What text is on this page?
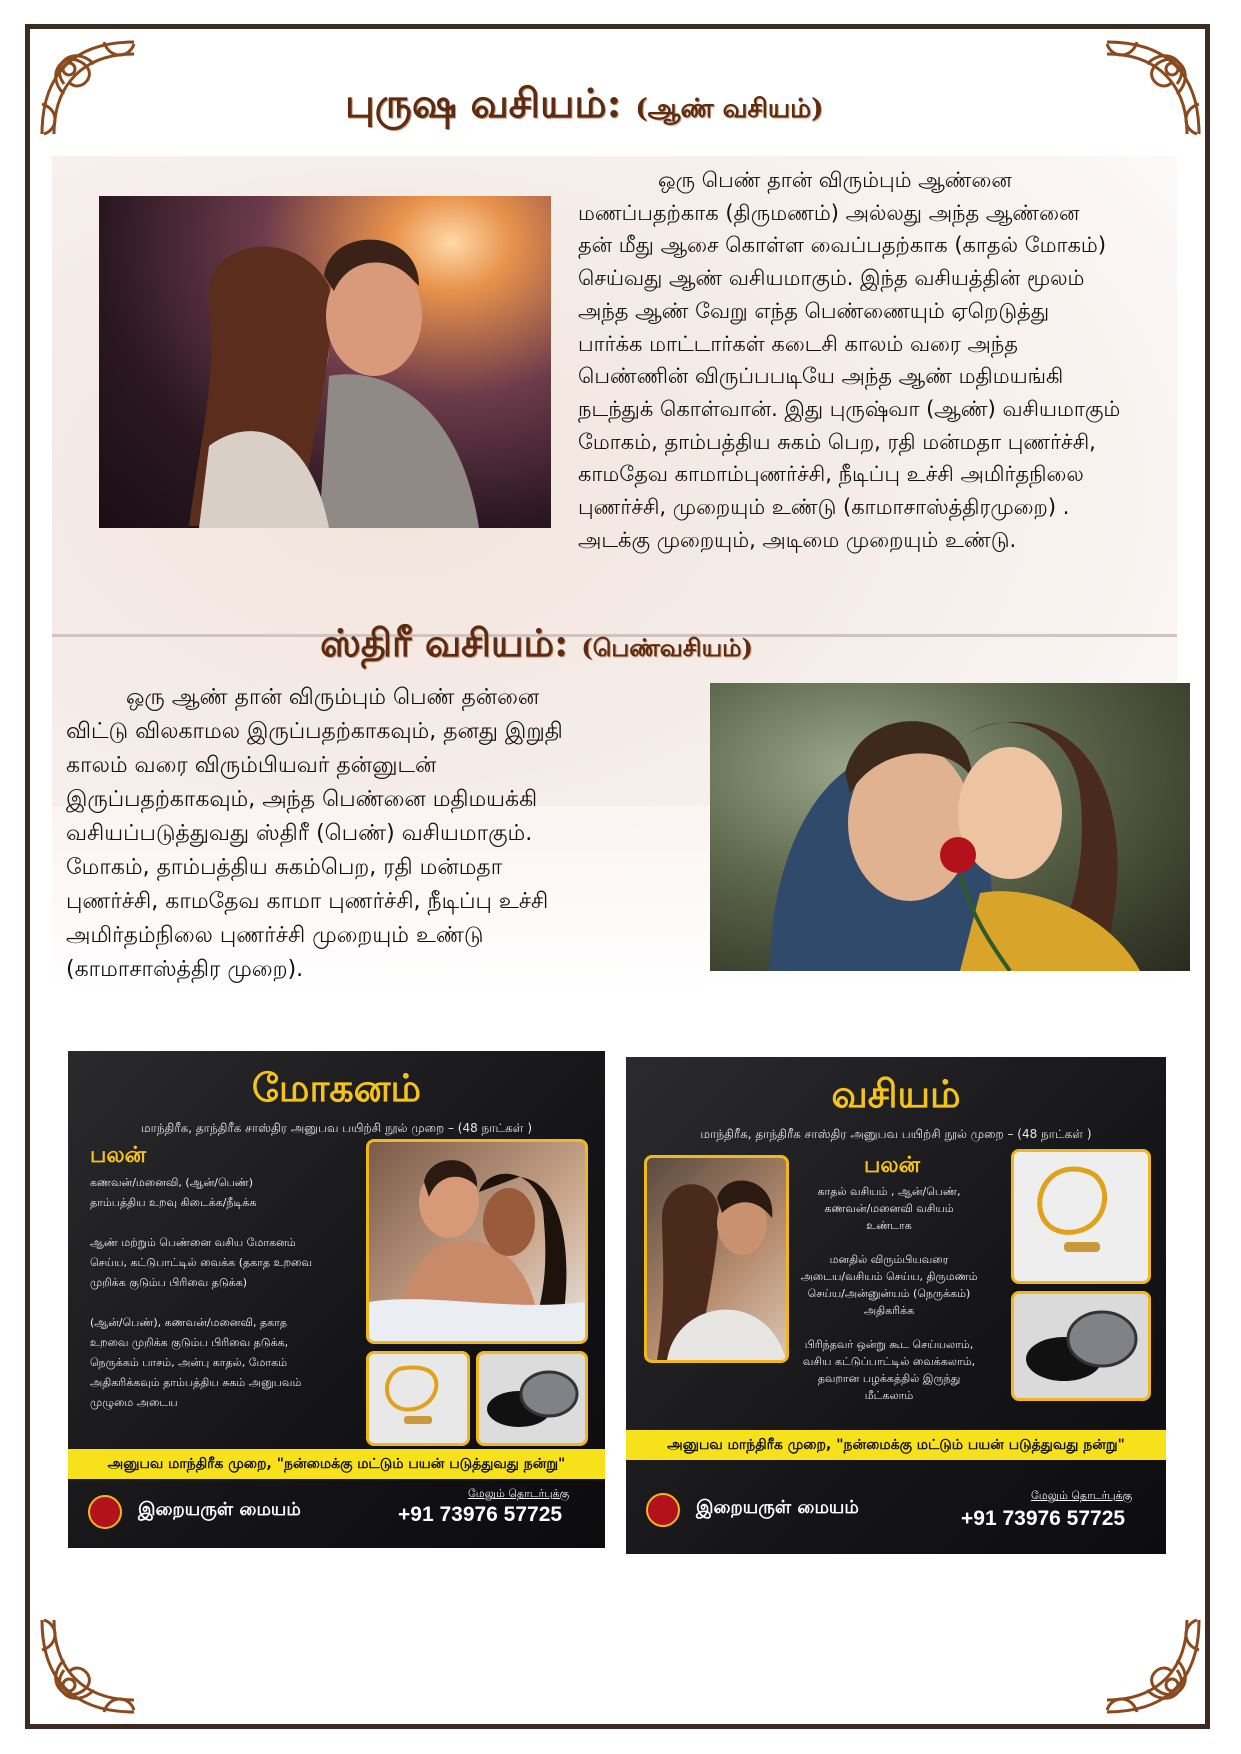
புருஷ வசியம்: (ஆண் வசியம்)
ஒரு பெண் தான் விரும்பும் ஆண்னை
மணப்பதற்காக (திருமணம்) அல்லது அந்த ஆண்னை
தன் மீது ஆசை கொள்ள வைப்பதற்காக (காதல் மோகம்)
செய்வது ஆண் வசியமாகும். இந்த வசியத்தின் மூலம்
அந்த ஆண் வேறு எந்த பெண்ணையும் ஏறெடுத்து
பார்க்க மாட்டார்கள் கடைசி காலம் வரை அந்த
பெண்ணின் விருப்பபடியே அந்த ஆண் மதிமயங்கி
நடந்துக் கொள்வான். இது புருஷ்வா (ஆண்) வசியமாகும்
மோகம், தாம்பத்திய சுகம் பெற, ரதி மன்மதா புணர்ச்சி,
காமதேவ காமாம்புணர்ச்சி, நீடிப்பு உச்சி அமிர்தநிலை
புணர்ச்சி, முறையும் உண்டு (காமாசாஸ்த்திரமுறை) .
அடக்கு முறையும், அடிமை முறையும் உண்டு.
ஸ்திரீ வசியம்: (பெண்வசியம்)
ஒரு ஆண் தான் விரும்பும் பெண் தன்னை
விட்டு விலகாமல இருப்பதற்காகவும், தனது இறுதி
காலம் வரை விரும்பியவர் தன்னுடன்
இருப்பதற்காகவும், அந்த பெண்னை மதிமயக்கி
வசியப்படுத்துவது ஸ்திரீ (பெண்) வசியமாகும்.
மோகம், தாம்பத்திய சுகம்பெற, ரதி மன்மதா
புணர்ச்சி, காமதேவ காமா புணர்ச்சி, நீடிப்பு உச்சி
அமிர்தம்நிலை புணர்ச்சி முறையும் உண்டு
(காமாசாஸ்த்திர முறை).
மோகனம்
மாந்திரீக, தாந்திரீக சாஸ்திர அனுபவ பயிற்சி நூல் முறை – (48 நாட்கள் )
பலன்
கணவன்/மனைவி, (ஆன்/பெண்)
தாம்பத்திய உறவு கிடைக்க/நீடிக்க

ஆண் மற்றும் பெண்னை வசிய மோகனம்
செய்ய, கட்டுபாட்டில் வைக்க (தகாத உறவை
முறிக்க குடும்ப பிரிவை தடுக்க)

(ஆன்/பெண்), கணவன்/மனைவி, தகாத
உறவை முறிக்க குடும்ப பிரிவை தடுக்க,
நெருக்கம் பாசம், அன்பு காதல், மோகம்
அதிகரிக்கவும் தாம்பத்திய சுகம் அனுபவம்
முழுமை அடைய
அனுபவ மாந்திரீக முறை, "நன்மைக்கு மட்டும் பயன் படுத்துவது நன்று"
இறையருள் மையம்
மேலும் தொடர்புக்கு
+91 73976 57725
வசியம்
மாந்திரீக, தாந்திரீக சாஸ்திர அனுபவ பயிற்சி நூல் முறை – (48 நாட்கள் )
பலன்
காதல் வசியம் , ஆன்/பெண்,
கணவன்/மனைவி வசியம்
உண்டாக

மனதில் விரும்பியவரை
அடைய/வசியம் செய்ய, திருமணம்
செய்ய/அன்னுன்யம் (நெருக்கம்)
அதிகரிக்க

பிரிந்தவர் ஒன்று கூட செய்யலாம்,
வசிய கட்டுப்பாட்டில் வைக்கலாம்,
தவறான பழக்கத்தில் இருந்து
மீட்கலாம்
அனுபவ மாந்திரீக முறை, "நன்மைக்கு மட்டும் பயன் படுத்துவது நன்று"
இறையருள் மையம்
மேலும் தொடர்புக்கு
+91 73976 57725
